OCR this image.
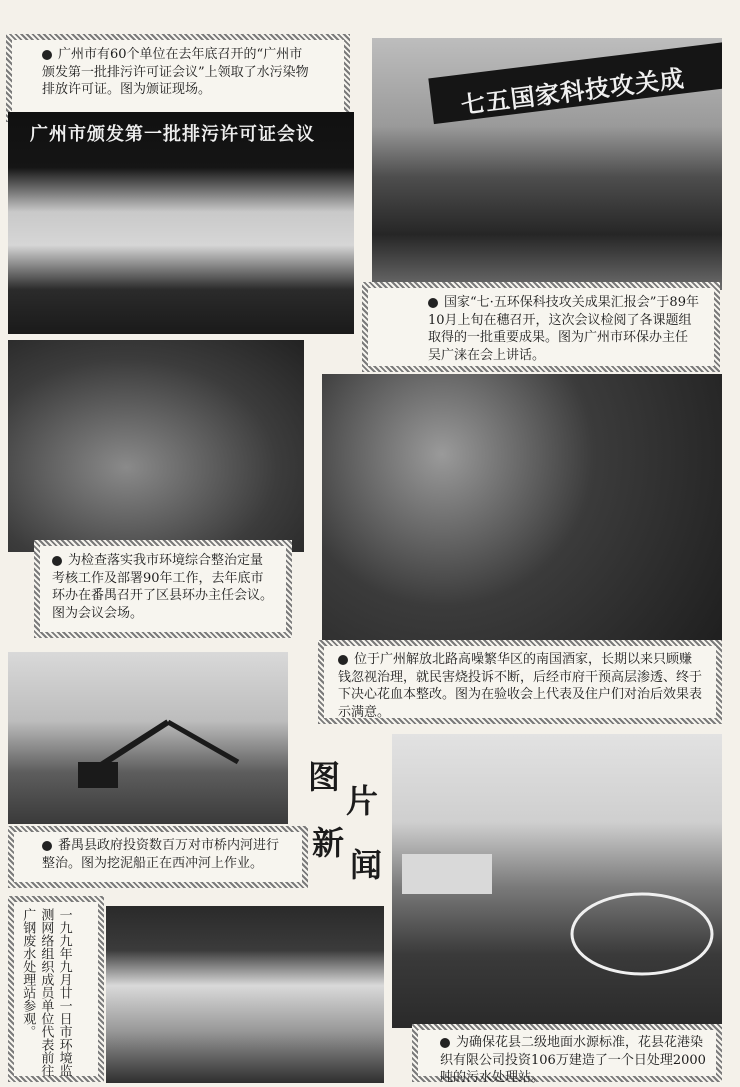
广州市有60个单位在去年底召开的“广州市颁发第一批排污许可证会议”上领取了水污染物排放许可证。图为颁证现场。
广州市颁发第一批排污许可证会议
七五国家科技攻关成
国家“七·五环保科技攻关成果汇报会”于89年10月上旬在穗召开，这次会议检阅了各课题组取得的一批重要成果。图为广州市环保办主任吴广涞在会上讲话。
为检查落实我市环境综合整治定量考核工作及部署90年工作，去年底市环办在番禺召开了区县环办主任会议。图为会议会场。
位于广州解放北路高噪繁华区的南国酒家，长期以来只顾赚钱忽视治理，就民害烧投诉不断，后经市府干预高层渗透、终于下决心花血本整改。图为在验收会上代表及住户们对治后效果表示满意。
番禺县政府投资数百万对市桥内河进行整治。图为挖泥船正在西冲河上作业。
图
片
新
闻
为确保花县二级地面水源标准，花县花港染织有限公司投资106万建造了一个日处理2000吨的污水处理站。
一九九年九月廿一日市环境监测网络组织成员单位代表前往广钢废水处理站参观。
